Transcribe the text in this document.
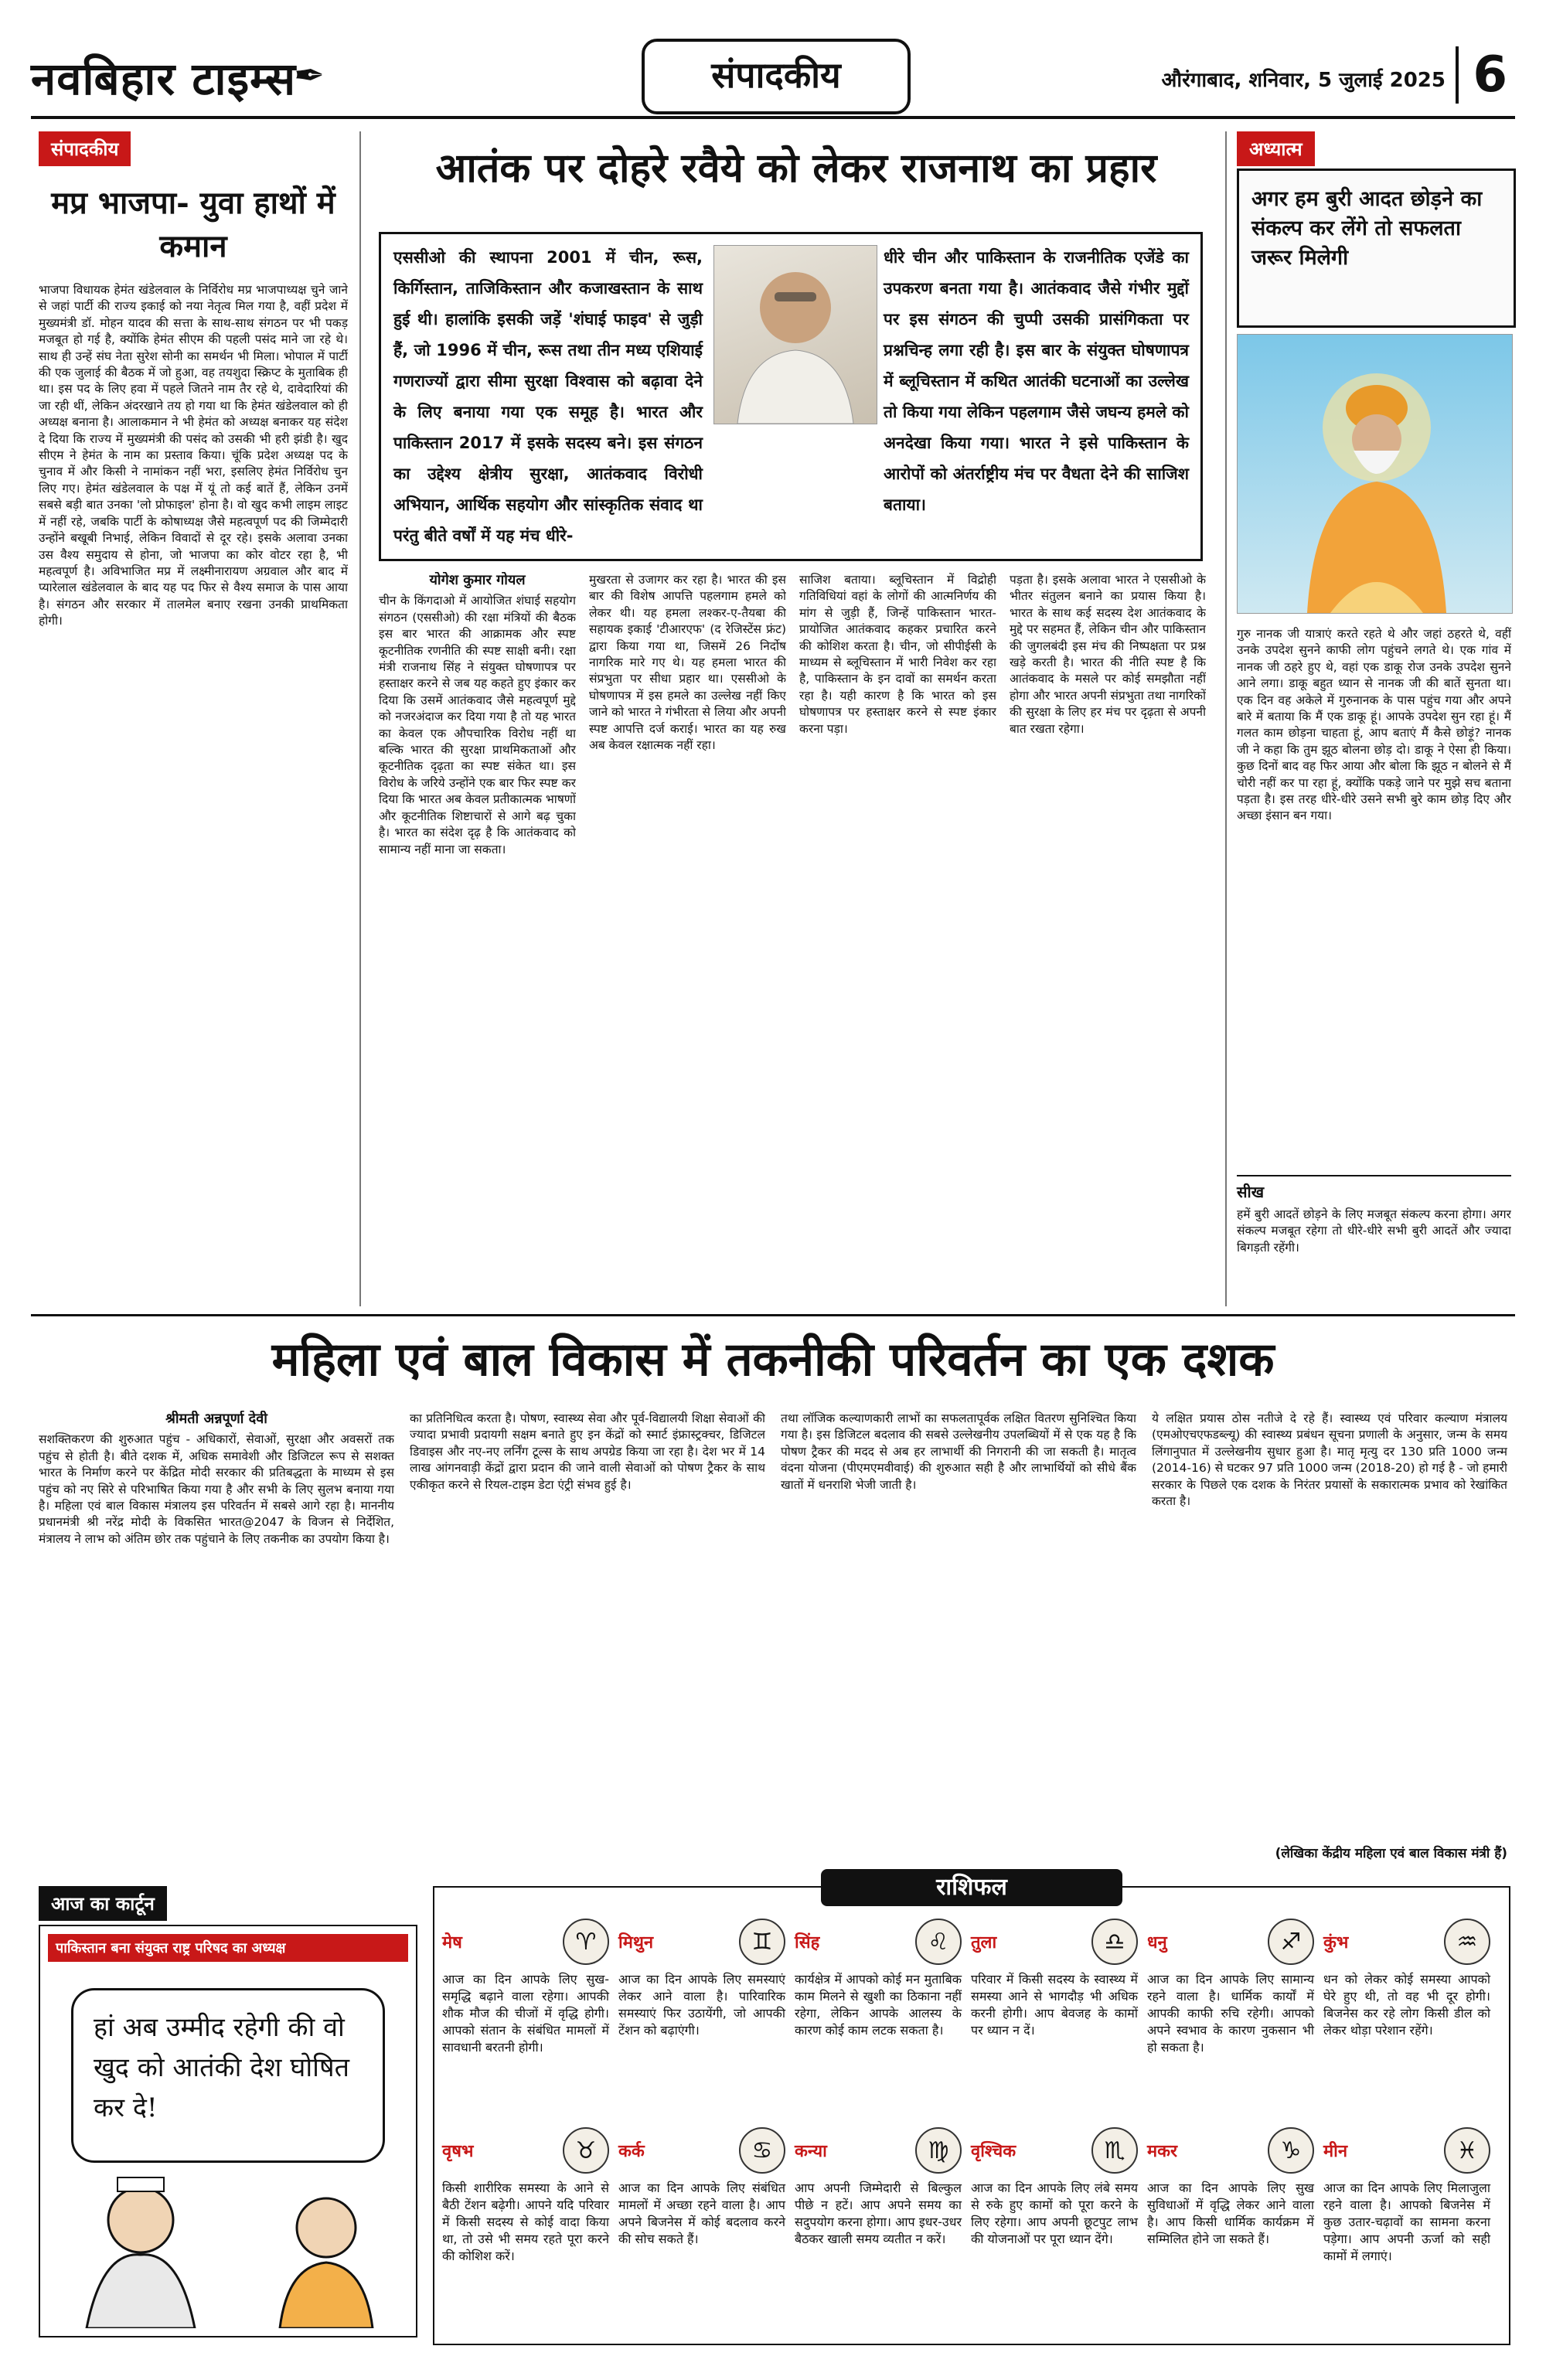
नवबिहार टाइम्स
✒	संपादकीय	औरंगाबाद, शनिवार, 5 जुलाई 2025 6
संपादकीय
मप्र भाजपा- युवा हाथों में कमान
भाजपा विधायक हेमंत खंडेलवाल के निर्विरोध मप्र भाजपाध्यक्ष चुने जाने से जहां पार्टी की राज्य इकाई को नया नेतृत्व मिल गया है, वहीं प्रदेश में मुख्यमंत्री डॉ. मोहन यादव की सत्ता के साथ-साथ संगठन पर भी पकड़ मजबूत हो गई है, क्योंकि हेमंत सीएम की पहली पसंद माने जा रहे थे। साथ ही उन्हें संघ नेता सुरेश सोनी का समर्थन भी मिला। भोपाल में पार्टी की एक जुलाई की बैठक में जो हुआ, वह तयशुदा स्क्रिप्ट के मुताबिक ही था। इस पद के लिए हवा में पहले जितने नाम तैर रहे थे, दावेदारियां की जा रही थीं, लेकिन अंदरखाने तय हो गया था कि हेमंत खंडेलवाल को ही अध्यक्ष बनाना है। आलाकमान ने भी हेमंत को अध्यक्ष बनाकर यह संदेश दे दिया कि राज्य में मुख्यमंत्री की पसंद को उसकी भी हरी झंडी है। खुद सीएम ने हेमंत के नाम का प्रस्ताव किया। चूंकि प्रदेश अध्यक्ष पद के चुनाव में और किसी ने नामांकन नहीं भरा, इसलिए हेमंत निर्विरोध चुन लिए गए। हेमंत खंडेलवाल के पक्ष में यूं तो कई बातें हैं, लेकिन उनमें सबसे बड़ी बात उनका 'लो प्रोफाइल' होना है। वो खुद कभी लाइम लाइट में नहीं रहे, जबकि पार्टी के कोषाध्यक्ष जैसे महत्वपूर्ण पद की जिम्मेदारी उन्होंने बखूबी निभाई, लेकिन विवादों से दूर रहे। इसके अलावा उनका उस वैश्य समुदाय से होना, जो भाजपा का कोर वोटर रहा है, भी महत्वपूर्ण है। अविभाजित मप्र में लक्ष्मीनारायण अग्रवाल और बाद में प्यारेलाल खंडेलवाल के बाद यह पद फिर से वैश्य समाज के पास आया है। संगठन और सरकार में तालमेल बनाए रखना उनकी प्राथमिकता होगी।
आतंक पर दोहरे रवैये को लेकर राजनाथ का प्रहार
एससीओ की स्थापना 2001 में चीन, रूस, किर्गिस्तान, ताजिकिस्तान और कजाखस्तान के साथ हुई थी। हालांकि इसकी जड़ें 'शंघाई फाइव' से जुड़ी हैं, जो 1996 में चीन, रूस तथा तीन मध्य एशियाई गणराज्यों द्वारा सीमा सुरक्षा विश्वास को बढ़ावा देने के लिए बनाया गया एक समूह है। भारत और पाकिस्तान 2017 में इसके सदस्य बने। इस संगठन का उद्देश्य क्षेत्रीय सुरक्षा, आतंकवाद विरोधी अभियान, आर्थिक सहयोग और सांस्कृतिक संवाद था परंतु बीते वर्षों में यह मंच धीरे-
धीरे चीन और पाकिस्तान के राजनीतिक एजेंडे का उपकरण बनता गया है। आतंकवाद जैसे गंभीर मुद्दों पर इस संगठन की चुप्पी उसकी प्रासंगिकता पर प्रश्नचिन्ह लगा रही है। इस बार के संयुक्त घोषणापत्र में ब्लूचिस्तान में कथित आतंकी घटनाओं का उल्लेख तो किया गया लेकिन पहलगाम जैसे जघन्य हमले को अनदेखा किया गया। भारत ने इसे पाकिस्तान के आरोपों को अंतर्राष्ट्रीय मंच पर वैधता देने की साजिश बताया।
योगेश कुमार गोयल
चीन के किंगदाओ में आयोजित शंघाई सहयोग संगठन (एससीओ) की रक्षा मंत्रियों की बैठक इस बार भारत की आक्रामक और स्पष्ट कूटनीतिक रणनीति की स्पष्ट साक्षी बनी। रक्षा मंत्री राजनाथ सिंह ने संयुक्त घोषणापत्र पर हस्ताक्षर करने से जब यह कहते हुए इंकार कर दिया कि उसमें आतंकवाद जैसे महत्वपूर्ण मुद्दे को नजरअंदाज कर दिया गया है तो यह भारत का केवल एक औपचारिक विरोध नहीं था बल्कि भारत की सुरक्षा प्राथमिकताओं और कूटनीतिक दृढ़ता का स्पष्ट संकेत था। इस विरोध के जरिये उन्होंने एक बार फिर स्पष्ट कर दिया कि भारत अब केवल प्रतीकात्मक भाषणों और कूटनीतिक शिष्टाचारों से आगे बढ़ चुका है। भारत का संदेश दृढ़ है कि आतंकवाद को सामान्य नहीं माना जा सकता।
मुखरता से उजागर कर रहा है। भारत की इस बार की विशेष आपत्ति पहलगाम हमले को लेकर थी। यह हमला लश्कर-ए-तैयबा की सहायक इकाई 'टीआरएफ' (द रेजिस्टेंस फ्रंट) द्वारा किया गया था, जिसमें 26 निर्दोष नागरिक मारे गए थे। यह हमला भारत की संप्रभुता पर सीधा प्रहार था। एससीओ के घोषणापत्र में इस हमले का उल्लेख नहीं किए जाने को भारत ने गंभीरता से लिया और अपनी स्पष्ट आपत्ति दर्ज कराई। भारत का यह रुख अब केवल रक्षात्मक नहीं रहा।
साजिश बताया। ब्लूचिस्तान में विद्रोही गतिविधियां वहां के लोगों की आत्मनिर्णय की मांग से जुड़ी हैं, जिन्हें पाकिस्तान भारत-प्रायोजित आतंकवाद कहकर प्रचारित करने की कोशिश करता है। चीन, जो सीपीईसी के माध्यम से ब्लूचिस्तान में भारी निवेश कर रहा है, पाकिस्तान के इन दावों का समर्थन करता रहा है। यही कारण है कि भारत को इस घोषणापत्र पर हस्ताक्षर करने से स्पष्ट इंकार करना पड़ा।
पड़ता है। इसके अलावा भारत ने एससीओ के भीतर संतुलन बनाने का प्रयास किया है। भारत के साथ कई सदस्य देश आतंकवाद के मुद्दे पर सहमत हैं, लेकिन चीन और पाकिस्तान की जुगलबंदी इस मंच की निष्पक्षता पर प्रश्न खड़े करती है। भारत की नीति स्पष्ट है कि आतंकवाद के मसले पर कोई समझौता नहीं होगा और भारत अपनी संप्रभुता तथा नागरिकों की सुरक्षा के लिए हर मंच पर दृढ़ता से अपनी बात रखता रहेगा।
अध्यात्म
अगर हम बुरी आदत छोड़ने का संकल्प कर लेंगे तो सफलता जरूर मिलेगी
गुरु नानक जी यात्राएं करते रहते थे और जहां ठहरते थे, वहीं उनके उपदेश सुनने काफी लोग पहुंचने लगते थे। एक गांव में नानक जी ठहरे हुए थे, वहां एक डाकू रोज उनके उपदेश सुनने आने लगा। डाकू बहुत ध्यान से नानक जी की बातें सुनता था। एक दिन वह अकेले में गुरुनानक के पास पहुंच गया और अपने बारे में बताया कि मैं एक डाकू हूं। आपके उपदेश सुन रहा हूं। मैं गलत काम छोड़ना चाहता हूं, आप बताएं मैं कैसे छोड़ूं? नानक जी ने कहा कि तुम झूठ बोलना छोड़ दो। डाकू ने ऐसा ही किया। कुछ दिनों बाद वह फिर आया और बोला कि झूठ न बोलने से मैं चोरी नहीं कर पा रहा हूं, क्योंकि पकड़े जाने पर मुझे सच बताना पड़ता है। इस तरह धीरे-धीरे उसने सभी बुरे काम छोड़ दिए और अच्छा इंसान बन गया।
सीख
हमें बुरी आदतें छोड़ने के लिए मजबूत संकल्प करना होगा। अगर संकल्प मजबूत रहेगा तो धीरे-धीरे सभी बुरी आदतें और ज्यादा बिगड़ती रहेंगी।
महिला एवं बाल विकास में तकनीकी परिवर्तन का एक दशक
श्रीमती अन्नपूर्णा देवी
सशक्तिकरण की शुरुआत पहुंच - अधिकारों, सेवाओं, सुरक्षा और अवसरों तक पहुंच से होती है। बीते दशक में, अधिक समावेशी और डिजिटल रूप से सशक्त भारत के निर्माण करने पर केंद्रित मोदी सरकार की प्रतिबद्धता के माध्यम से इस पहुंच को नए सिरे से परिभाषित किया गया है और सभी के लिए सुलभ बनाया गया है। महिला एवं बाल विकास मंत्रालय इस परिवर्तन में सबसे आगे रहा है। माननीय प्रधानमंत्री श्री नरेंद्र मोदी के विकसित भारत@2047 के विजन से निर्देशित, मंत्रालय ने लाभ को अंतिम छोर तक पहुंचाने के लिए तकनीक का उपयोग किया है।
का प्रतिनिधित्व करता है। पोषण, स्वास्थ्य सेवा और पूर्व-विद्यालयी शिक्षा सेवाओं की ज्यादा प्रभावी प्रदायगी सक्षम बनाते हुए इन केंद्रों को स्मार्ट इंफ्रास्ट्रक्चर, डिजिटल डिवाइस और नए-नए लर्निंग टूल्स के साथ अपग्रेड किया जा रहा है। देश भर में 14 लाख आंगनवाड़ी केंद्रों द्वारा प्रदान की जाने वाली सेवाओं को पोषण ट्रैकर के साथ एकीकृत करने से रियल-टाइम डेटा एंट्री संभव हुई है।
तथा लॉजिक कल्याणकारी लाभों का सफलतापूर्वक लक्षित वितरण सुनिश्चित किया गया है। इस डिजिटल बदलाव की सबसे उल्लेखनीय उपलब्धियों में से एक यह है कि पोषण ट्रैकर की मदद से अब हर लाभार्थी की निगरानी की जा सकती है। मातृत्व वंदना योजना (पीएमएमवीवाई) की शुरुआत सही है और लाभार्थियों को सीधे बैंक खातों में धनराशि भेजी जाती है।
ये लक्षित प्रयास ठोस नतीजे दे रहे हैं। स्वास्थ्य एवं परिवार कल्याण मंत्रालय (एमओएचएफडब्ल्यू) की स्वास्थ्य प्रबंधन सूचना प्रणाली के अनुसार, जन्म के समय लिंगानुपात में उल्लेखनीय सुधार हुआ है। मातृ मृत्यु दर 130 प्रति 1000 जन्म (2014-16) से घटकर 97 प्रति 1000 जन्म (2018-20) हो गई है - जो हमारी सरकार के पिछले एक दशक के निरंतर प्रयासों के सकारात्मक प्रभाव को रेखांकित करता है।
(लेखिका केंद्रीय महिला एवं बाल विकास मंत्री हैं)
आज का कार्टून
पाकिस्तान बना संयुक्त राष्ट्र परिषद का अध्यक्ष
हां अब उम्मीद रहेगी की वो खुद को आतंकी देश घोषित कर दे!
राशिफल
मेष	♈
आज का दिन आपके लिए सुख-समृद्धि बढ़ाने वाला रहेगा। आपकी शौक मौज की चीजों में वृद्धि होगी। आपको संतान के संबंधित मामलों में सावधानी बरतनी होगी।
मिथुन	♊
आज का दिन आपके लिए समस्याएं लेकर आने वाला है। पारिवारिक समस्याएं फिर उठायेंगी, जो आपकी टेंशन को बढ़ाएंगी।
सिंह	♌
कार्यक्षेत्र में आपको कोई मन मुताबिक काम मिलने से खुशी का ठिकाना नहीं रहेगा, लेकिन आपके आलस्य के कारण कोई काम लटक सकता है।
तुला	♎
परिवार में किसी सदस्य के स्वास्थ्य में समस्या आने से भागदौड़ भी अधिक करनी होगी। आप बेवजह के कामों पर ध्यान न दें।
धनु	♐
आज का दिन आपके लिए सामान्य रहने वाला है। धार्मिक कार्यों में आपकी काफी रुचि रहेगी। आपको अपने स्वभाव के कारण नुकसान भी हो सकता है।
कुंभ	♒
धन को लेकर कोई समस्या आपको घेरे हुए थी, तो वह भी दूर होगी। बिजनेस कर रहे लोग किसी डील को लेकर थोड़ा परेशान रहेंगे।
वृषभ	♉
किसी शारीरिक समस्या के आने से बैठी टेंशन बढ़ेगी। आपने यदि परिवार में किसी सदस्य से कोई वादा किया था, तो उसे भी समय रहते पूरा करने की कोशिश करें।
कर्क	♋
आज का दिन आपके लिए संबंधित मामलों में अच्छा रहने वाला है। आप अपने बिजनेस में कोई बदलाव करने की सोच सकते हैं।
कन्या	♍
आप अपनी जिम्मेदारी से बिल्कुल पीछे न हटें। आप अपने समय का सदुपयोग करना होगा। आप इधर-उधर बैठकर खाली समय व्यतीत न करें।
वृश्चिक	♏
आज का दिन आपके लिए लंबे समय से रुके हुए कामों को पूरा करने के लिए रहेगा। आप अपनी छूटपुट लाभ की योजनाओं पर पूरा ध्यान देंगे।
मकर	♑
आज का दिन आपके लिए सुख सुविधाओं में वृद्धि लेकर आने वाला है। आप किसी धार्मिक कार्यक्रम में सम्मिलित होने जा सकते हैं।
मीन	♓
आज का दिन आपके लिए मिलाजुला रहने वाला है। आपको बिजनेस में कुछ उतार-चढ़ावों का सामना करना पड़ेगा। आप अपनी ऊर्जा को सही कामों में लगाएं।
